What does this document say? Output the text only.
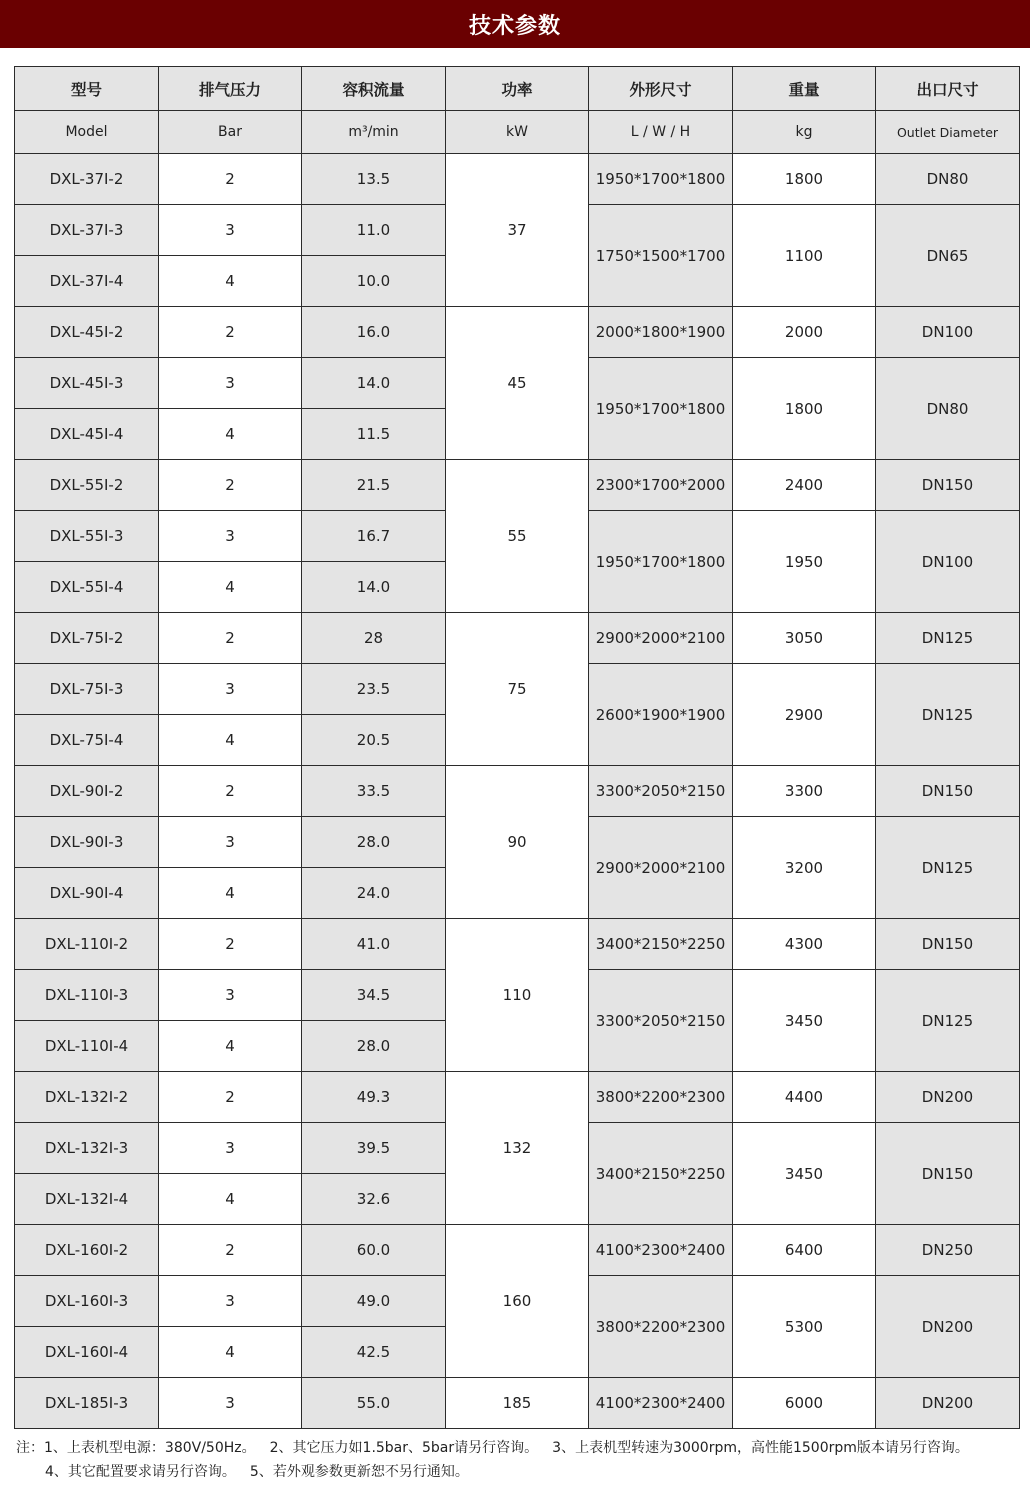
技术参数
型号	排气压力	容积流量	功率	外形尺寸	重量	出口尺寸
Model	Bar	m³/min	kW	L / W / H	kg	Outlet Diameter
DXL-37I-2	2	13.5	37	1950*1700*1800	1800	DN80
DXL-37I-3	3	11.0		1750*1500*1700	1100	DN65
DXL-37I-4	4	10.0				
DXL-45I-2	2	16.0	45	2000*1800*1900	2000	DN100
DXL-45I-3	3	14.0		1950*1700*1800	1800	DN80
DXL-45I-4	4	11.5				
DXL-55I-2	2	21.5	55	2300*1700*2000	2400	DN150
DXL-55I-3	3	16.7		1950*1700*1800	1950	DN100
DXL-55I-4	4	14.0				
DXL-75I-2	2	28	75	2900*2000*2100	3050	DN125
DXL-75I-3	3	23.5		2600*1900*1900	2900	DN125
DXL-75I-4	4	20.5				
DXL-90I-2	2	33.5	90	3300*2050*2150	3300	DN150
DXL-90I-3	3	28.0		2900*2000*2100	3200	DN125
DXL-90I-4	4	24.0				
DXL-110I-2	2	41.0	110	3400*2150*2250	4300	DN150
DXL-110I-3	3	34.5		3300*2050*2150	3450	DN125
DXL-110I-4	4	28.0				
DXL-132I-2	2	49.3	132	3800*2200*2300	4400	DN200
DXL-132I-3	3	39.5		3400*2150*2250	3450	DN150
DXL-132I-4	4	32.6				
DXL-160I-2	2	60.0	160	4100*2300*2400	6400	DN250
DXL-160I-3	3	49.0		3800*2200*2300	5300	DN200
DXL-160I-4	4	42.5				
DXL-185I-3	3	55.0	185	4100*2300*2400	6000	DN200
注：1、上表机型电源：380V/50Hz。 2、其它压力如1.5bar、5bar请另行咨询。 3、上表机型转速为3000rpm，高性能1500rpm版本请另行咨询。
4、其它配置要求请另行咨询。 5、若外观参数更新恕不另行通知。
